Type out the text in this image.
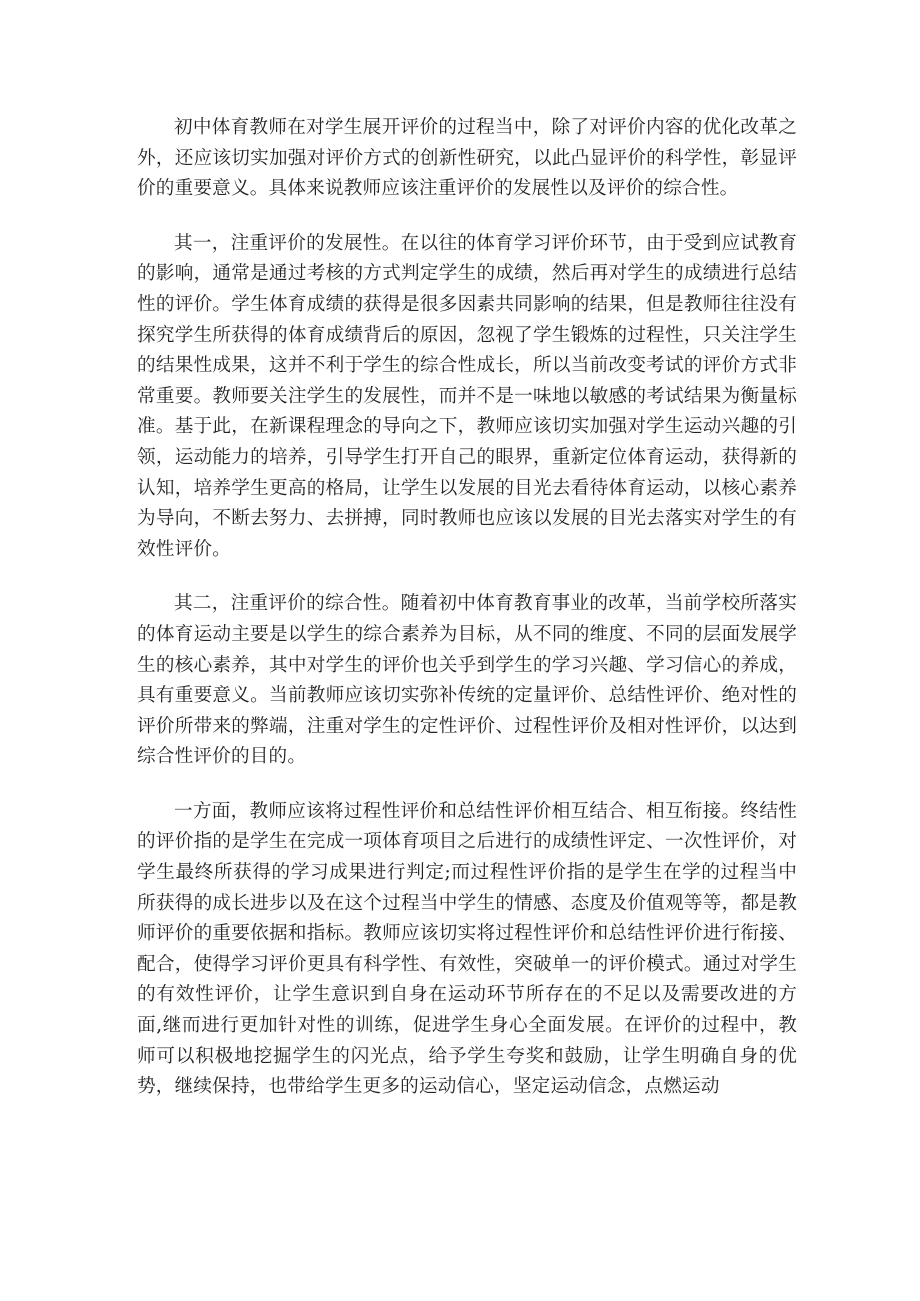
初中体育教师在对学生展开评价的过程当中，除了对评价内容的优化改革之外，还应该切实加强对评价方式的创新性研究，以此凸显评价的科学性，彰显评价的重要意义。具体来说教师应该注重评价的发展性以及评价的综合性。

其一，注重评价的发展性。在以往的体育学习评价环节，由于受到应试教育的影响，通常是通过考核的方式判定学生的成绩，然后再对学生的成绩进行总结性的评价。学生体育成绩的获得是很多因素共同影响的结果，但是教师往往没有探究学生所获得的体育成绩背后的原因，忽视了学生锻炼的过程性，只关注学生的结果性成果，这并不利于学生的综合性成长，所以当前改变考试的评价方式非常重要。教师要关注学生的发展性，而并不是一味地以敏感的考试结果为衡量标准。基于此，在新课程理念的导向之下，教师应该切实加强对学生运动兴趣的引领，运动能力的培养，引导学生打开自己的眼界，重新定位体育运动，获得新的认知，培养学生更高的格局，让学生以发展的目光去看待体育运动，以核心素养为导向，不断去努力、去拼搏，同时教师也应该以发展的目光去落实对学生的有效性评价。

其二，注重评价的综合性。随着初中体育教育事业的改革，当前学校所落实的体育运动主要是以学生的综合素养为目标，从不同的维度、不同的层面发展学生的核心素养，其中对学生的评价也关乎到学生的学习兴趣、学习信心的养成，具有重要意义。当前教师应该切实弥补传统的定量评价、总结性评价、绝对性的评价所带来的弊端，注重对学生的定性评价、过程性评价及相对性评价，以达到综合性评价的目的。

一方面，教师应该将过程性评价和总结性评价相互结合、相互衔接。终结性的评价指的是学生在完成一项体育项目之后进行的成绩性评定、一次性评价，对学生最终所获得的学习成果进行判定;而过程性评价指的是学生在学的过程当中所获得的成长进步以及在这个过程当中学生的情感、态度及价值观等等，都是教师评价的重要依据和指标。教师应该切实将过程性评价和总结性评价进行衔接、配合，使得学习评价更具有科学性、有效性，突破单一的评价模式。通过对学生的有效性评价，让学生意识到自身在运动环节所存在的不足以及需要改进的方面,继而进行更加针对性的训练，促进学生身心全面发展。在评价的过程中，教师可以积极地挖掘学生的闪光点，给予学生夸奖和鼓励，让学生明确自身的优势，继续保持，也带给学生更多的运动信心，坚定运动信念，点燃运动
